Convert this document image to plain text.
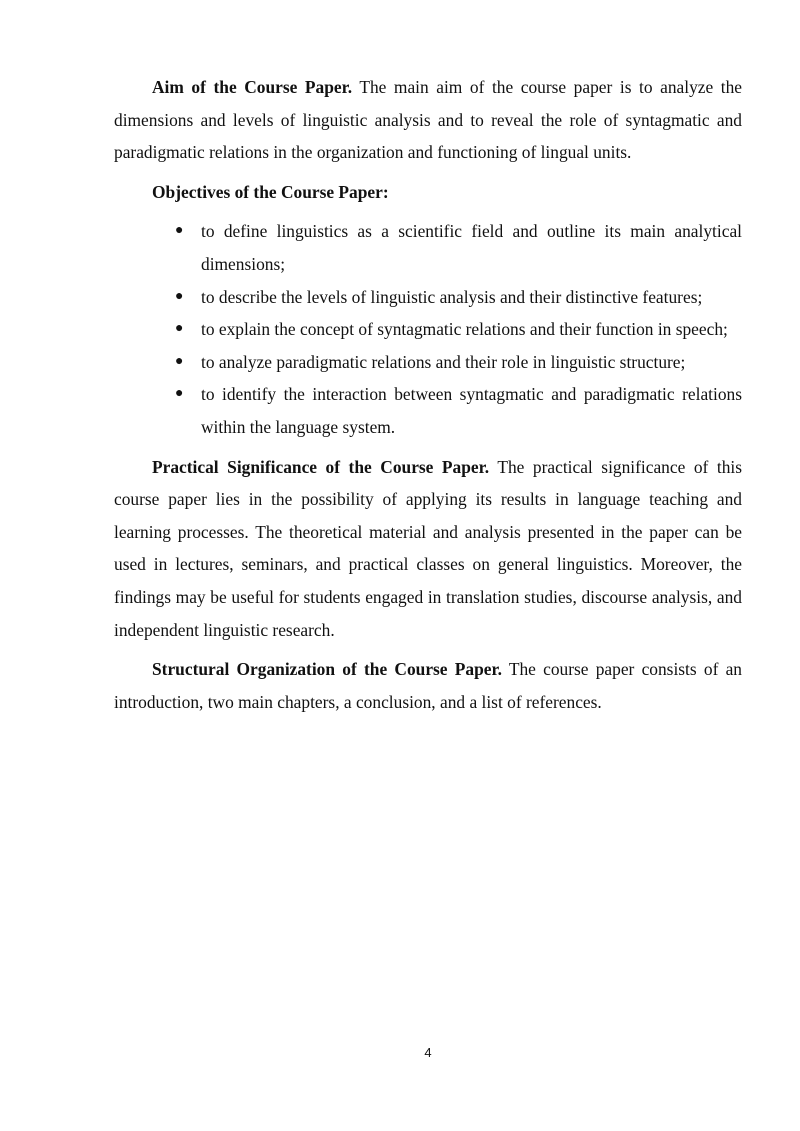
Aim of the Course Paper. The main aim of the course paper is to analyze the dimensions and levels of linguistic analysis and to reveal the role of syntagmatic and paradigmatic relations in the organization and functioning of lingual units.

Objectives of the Course Paper:

● to define linguistics as a scientific field and outline its main analytical dimensions;
● to describe the levels of linguistic analysis and their distinctive features;
● to explain the concept of syntagmatic relations and their function in speech;
● to analyze paradigmatic relations and their role in linguistic structure;
● to identify the interaction between syntagmatic and paradigmatic relations within the language system.

Practical Significance of the Course Paper. The practical significance of this course paper lies in the possibility of applying its results in language teaching and learning processes. The theoretical material and analysis presented in the paper can be used in lectures, seminars, and practical classes on general linguistics. Moreover, the findings may be useful for students engaged in translation studies, discourse analysis, and independent linguistic research.

Structural Organization of the Course Paper. The course paper consists of an introduction, two main chapters, a conclusion, and a list of references.

4
